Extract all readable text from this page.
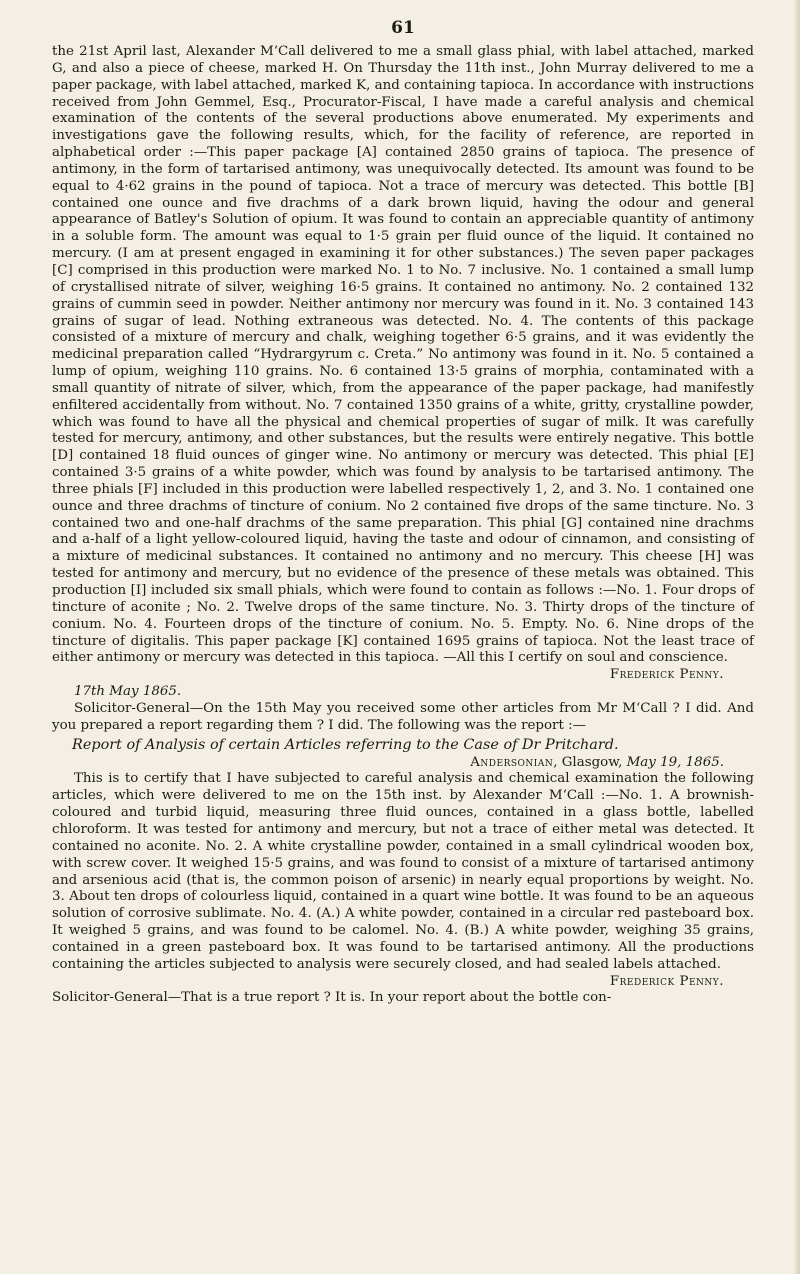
61

the 21st April last, Alexander M‘Call delivered to me a small glass phial, with label attached, marked G, and also a piece of cheese, marked H. On Thursday the 11th inst., John Murray delivered to me a paper package, with label attached, marked K, and containing tapioca. In accordance with instructions received from John Gemmel, Esq., Procurator-Fiscal, I have made a careful analysis and chemical examination of the contents of the several productions above enumerated. My experiments and investigations gave the following results, which, for the facility of reference, are reported in alphabetical order :—This paper package [A] contained 2850 grains of tapioca. The presence of antimony, in the form of tartarised antimony, was unequivocally detected. Its amount was found to be equal to 4·62 grains in the pound of tapioca. Not a trace of mercury was detected. This bottle [B] contained one ounce and five drachms of a dark brown liquid, having the odour and general appearance of Batley's Solution of opium. It was found to contain an appreciable quantity of antimony in a soluble form. The amount was equal to 1·5 grain per fluid ounce of the liquid. It contained no mercury. (I am at present engaged in examining it for other substances.) The seven paper packages [C] comprised in this production were marked No. 1 to No. 7 inclusive. No. 1 contained a small lump of crystallised nitrate of silver, weighing 16·5 grains. It contained no antimony. No. 2 contained 132 grains of cummin seed in powder. Neither antimony nor mercury was found in it. No. 3 contained 143 grains of sugar of lead. Nothing extraneous was detected. No. 4. The contents of this package consisted of a mixture of mercury and chalk, weighing together 6·5 grains, and it was evidently the medicinal preparation called “Hydrargyrum c. Creta.” No antimony was found in it. No. 5 contained a lump of opium, weighing 110 grains. No. 6 contained 13·5 grains of morphia, contaminated with a small quantity of nitrate of silver, which, from the appearance of the paper package, had manifestly enfiltered accidentally from without. No. 7 contained 1350 grains of a white, gritty, crystalline powder, which was found to have all the physical and chemical properties of sugar of milk. It was carefully tested for mercury, antimony, and other substances, but the results were entirely negative. This bottle [D] contained 18 fluid ounces of ginger wine. No antimony or mercury was detected. This phial [E] contained 3·5 grains of a white powder, which was found by analysis to be tartarised antimony. The three phials [F] included in this production were labelled respectively 1, 2, and 3. No. 1 contained one ounce and three drachms of tincture of conium. No 2 contained five drops of the same tincture. No. 3 contained two and one-half drachms of the same preparation. This phial [G] contained nine drachms and a-half of a light yellow-coloured liquid, having the taste and odour of cinnamon, and consisting of a mixture of medicinal substances. It contained no antimony and no mercury. This cheese [H] was tested for antimony and mercury, but no evidence of the presence of these metals was obtained. This production [I] included six small phials, which were found to contain as follows :—No. 1. Four drops of tincture of aconite ; No. 2. Twelve drops of the same tincture. No. 3. Thirty drops of the tincture of conium. No. 4. Fourteen drops of the tincture of conium. No. 5. Empty. No. 6. Nine drops of the tincture of digitalis. This paper package [K] contained 1695 grains of tapioca. Not the least trace of either antimony or mercury was detected in this tapioca. —All this I certify on soul and conscience.

Frederick Penny.

17th May 1865.

Solicitor-General—On the 15th May you received some other articles from Mr M‘Call ? I did. And you prepared a report regarding them ? I did. The following was the report :—

Report of Analysis of certain Articles referring to the Case of Dr Pritchard.

Andersonian, Glasgow, May 19, 1865.

This is to certify that I have subjected to careful analysis and chemical examination the following articles, which were delivered to me on the 15th inst. by Alexander M‘Call :—No. 1. A brownish-coloured and turbid liquid, measuring three fluid ounces, contained in a glass bottle, labelled chloroform. It was tested for antimony and mercury, but not a trace of either metal was detected. It contained no aconite. No. 2. A white crystalline powder, contained in a small cylindrical wooden box, with screw cover. It weighed 15·5 grains, and was found to consist of a mixture of tartarised antimony and arsenious acid (that is, the common poison of arsenic) in nearly equal proportions by weight. No. 3. About ten drops of colourless liquid, contained in a quart wine bottle. It was found to be an aqueous solution of corrosive sublimate. No. 4. (A.) A white powder, contained in a circular red pasteboard box. It weighed 5 grains, and was found to be calomel. No. 4. (B.) A white powder, weighing 35 grains, contained in a green pasteboard box. It was found to be tartarised antimony. All the productions containing the articles subjected to analysis were securely closed, and had sealed labels attached.

Frederick Penny.

Solicitor-General—That is a true report ? It is. In your report about the bottle con-
